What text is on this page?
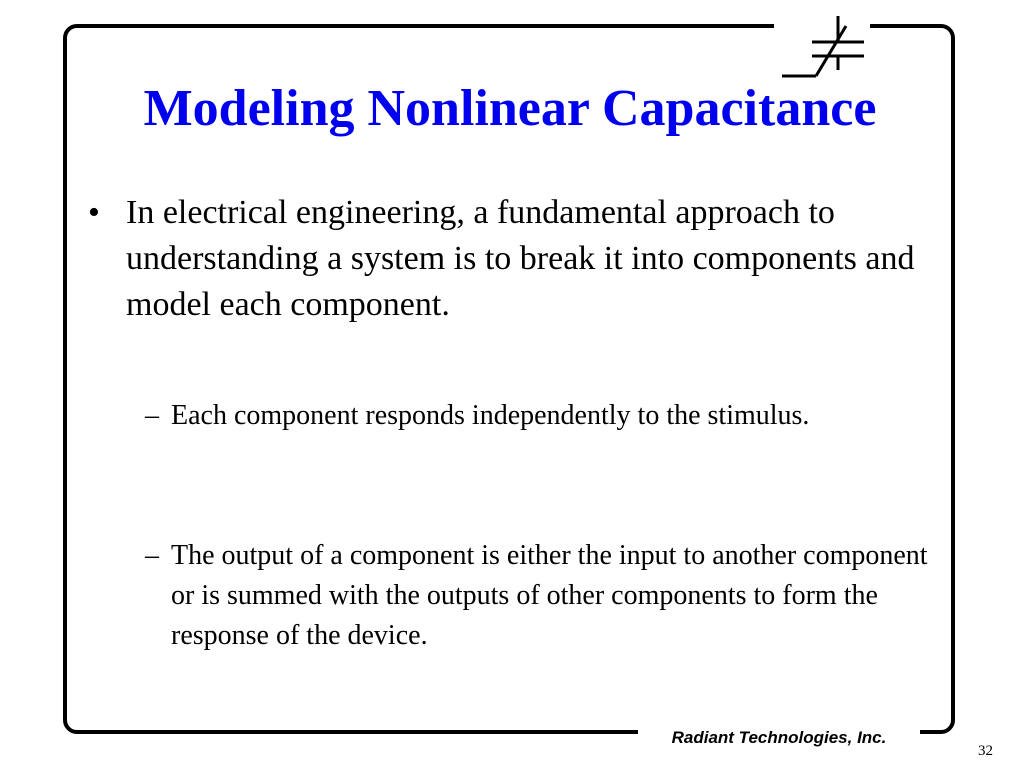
Modeling Nonlinear Capacitance
• In electrical engineering, a fundamental approach to understanding a system is to break it into components and model each component.
– Each component responds independently to the stimulus.
– The output of a component is either the input to another component or is summed with the outputs of other components to form the response of the device.
Radiant Technologies, Inc.
32
